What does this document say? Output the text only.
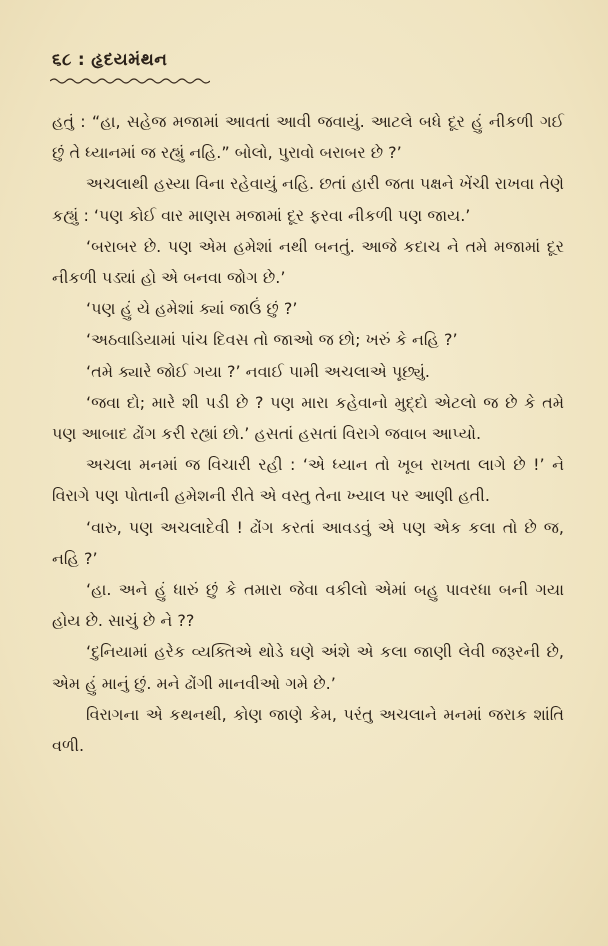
૬૮ : હૃદયમંથન

હતું : “હા, સહેજ મજામાં આવતાં આવી જવાયું. આટલે બધે દૂર હું નીકળી ગઈ છું તે ધ્યાનમાં જ રહ્યું નહિ.” બોલો, પુરાવો બરાબર છે ?’

અચલાથી હસ્યા વિના રહેવાયું નહિ. છતાં હારી જતા પક્ષને ખેંચી રાખવા તેણે કહ્યું : ‘પણ કોઈ વાર માણસ મજામાં દૂર ફરવા નીકળી પણ જાય.’

‘બરાબર છે. પણ એમ હમેશાં નથી બનતું. આજે કદાચ ને તમે મજામાં દૂર નીકળી પડ્યાં હો એ બનવા જોગ છે.’

‘પણ હું યે હમેશાં ક્યાં જાઉં છું ?’

‘અઠવાડિયામાં પાંચ દિવસ તો જાઓ જ છો; ખરું કે નહિ ?’

‘તમે ક્યારે જોઈ ગયા ?’ નવાઈ પામી અચલાએ પૂછ્યું.

‘જવા દો; મારે શી પડી છે ? પણ મારા કહેવાનો મુદ્દો એટલો જ છે કે તમે પણ આબાદ ઢોંગ કરી રહ્યાં છો.’ હસતાં હસતાં વિરાગે જવાબ આપ્યો.

અચલા મનમાં જ વિચારી રહી : ‘એ ધ્યાન તો ખૂબ રાખતા લાગે છે !’ ને વિરાગે પણ પોતાની હમેશની રીતે એ વસ્તુ તેના ખ્યાલ પર આણી હતી.

‘વારુ, પણ અચલાદેવી ! ઢોંગ કરતાં આવડવું એ પણ એક કલા તો છે જ, નહિ ?’

‘હા. અને હું ધારું છું કે તમારા જેવા વકીલો એમાં બહુ પાવરધા બની ગયા હોય છે. સાચું છે ને ??

‘દુનિયામાં હરેક વ્યક્તિએ થોડે ઘણે અંશે એ કલા જાણી લેવી જરૂરની છે, એમ હું માનું છું. મને ઢોંગી માનવીઓ ગમે છે.’

વિરાગના એ કથનથી, કોણ જાણે કેમ, પરંતુ અચલાને મનમાં જરાક શાંતિ વળી.
